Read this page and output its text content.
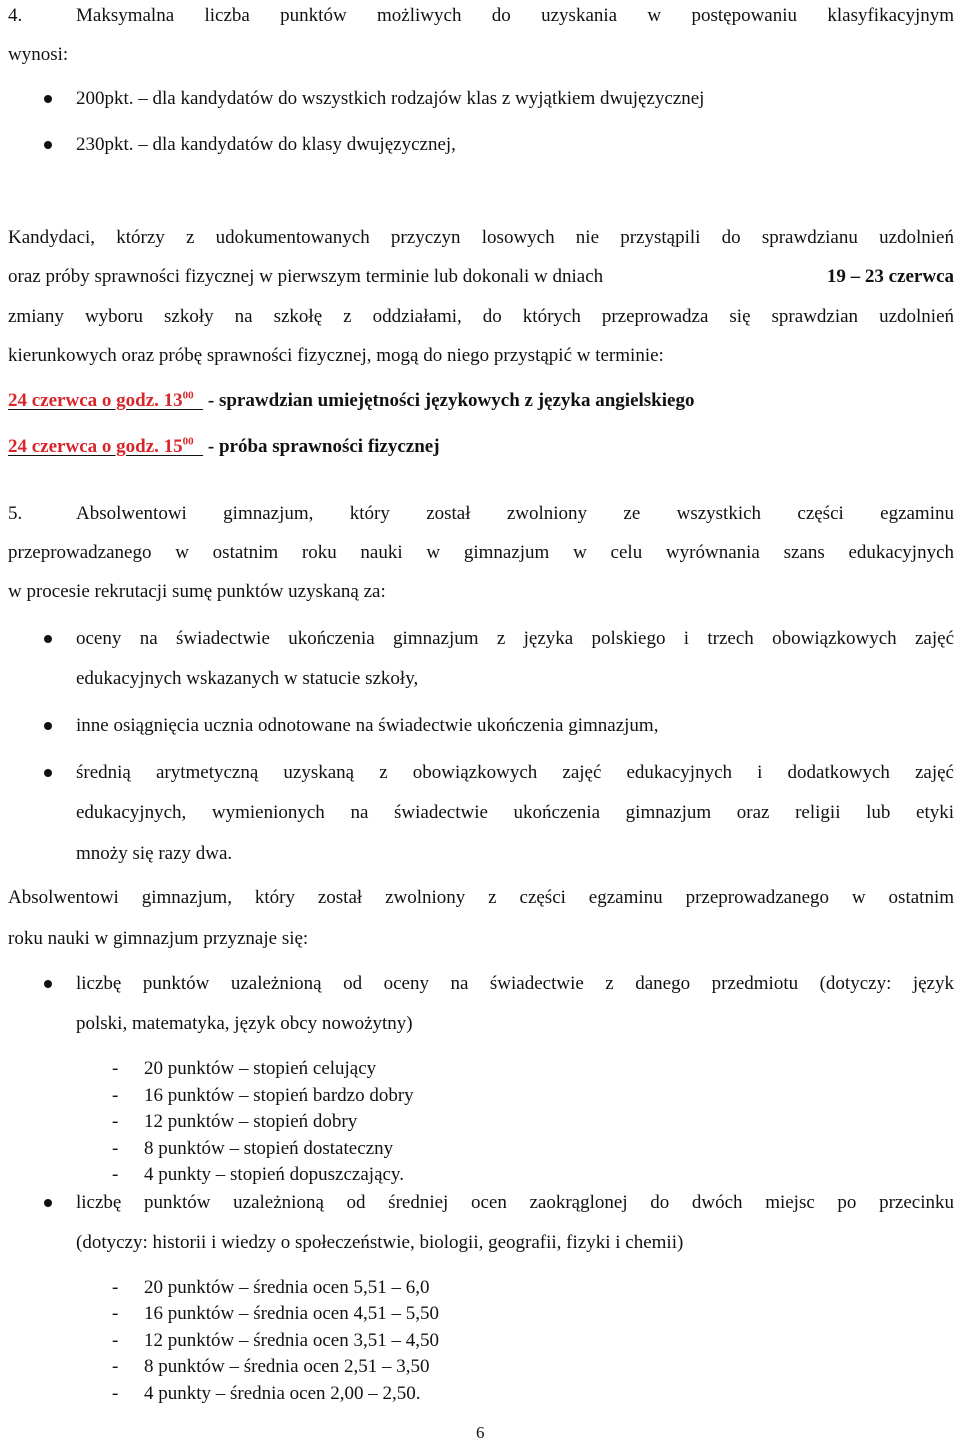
4.	Maksymalna liczba punktów możliwych do uzyskania w postępowaniu klasyfikacyjnym
wynosi:
200pkt. – dla kandydatów do wszystkich rodzajów klas z wyjątkiem dwujęzycznej
230pkt. – dla kandydatów do klasy dwujęzycznej,
Kandydaci, którzy z udokumentowanych przyczyn losowych nie przystąpili do sprawdzianu uzdolnień
oraz próby sprawności fizycznej w pierwszym terminie lub dokonali w dniach	19 – 23 czerwca
zmiany wyboru szkoły na szkołę z oddziałami, do których przeprowadza się sprawdzian uzdolnień
kierunkowych oraz próbę sprawności fizycznej, mogą do niego przystąpić w terminie:
24 czerwca o godz. $13^{00}$   - sprawdzian umiejętności językowych z języka angielskiego
24 czerwca o godz. $15^{00}$   - próba sprawności fizycznej
5.	Absolwentowi gimnazjum, który został zwolniony ze wszystkich części egzaminu
przeprowadzanego w ostatnim roku nauki w gimnazjum w celu wyrównania szans edukacyjnych
w procesie rekrutacji sumę punktów uzyskaną za:
oceny na świadectwie ukończenia gimnazjum z języka polskiego i trzech obowiązkowych zajęć
edukacyjnych wskazanych w statucie szkoły,
inne osiągnięcia ucznia odnotowane na świadectwie ukończenia gimnazjum,
średnią arytmetyczną uzyskaną z obowiązkowych zajęć edukacyjnych i dodatkowych zajęć
edukacyjnych, wymienionych na świadectwie ukończenia gimnazjum oraz religii lub etyki
mnoży się razy dwa.
Absolwentowi gimnazjum, który został zwolniony z części egzaminu przeprowadzanego w ostatnim
roku nauki w gimnazjum przyznaje się:
liczbę punktów uzależnioną od oceny na świadectwie z danego przedmiotu (dotyczy: język
polski, matematyka, język obcy nowożytny)
- 20 punktów – stopień celujący
- 16 punktów – stopień bardzo dobry
- 12 punktów – stopień dobry
- 8 punktów – stopień dostateczny
- 4 punkty – stopień dopuszczający.
liczbę punktów uzależnioną od średniej ocen zaokrąglonej do dwóch miejsc po przecinku
(dotyczy: historii i wiedzy o społeczeństwie, biologii, geografii, fizyki i chemii)
- 20 punktów – średnia ocen 5,51 – 6,0
- 16 punktów – średnia ocen 4,51 – 5,50
- 12 punktów – średnia ocen 3,51 – 4,50
- 8 punktów – średnia ocen 2,51 – 3,50
- 4 punkty – średnia ocen 2,00 – 2,50.
6
